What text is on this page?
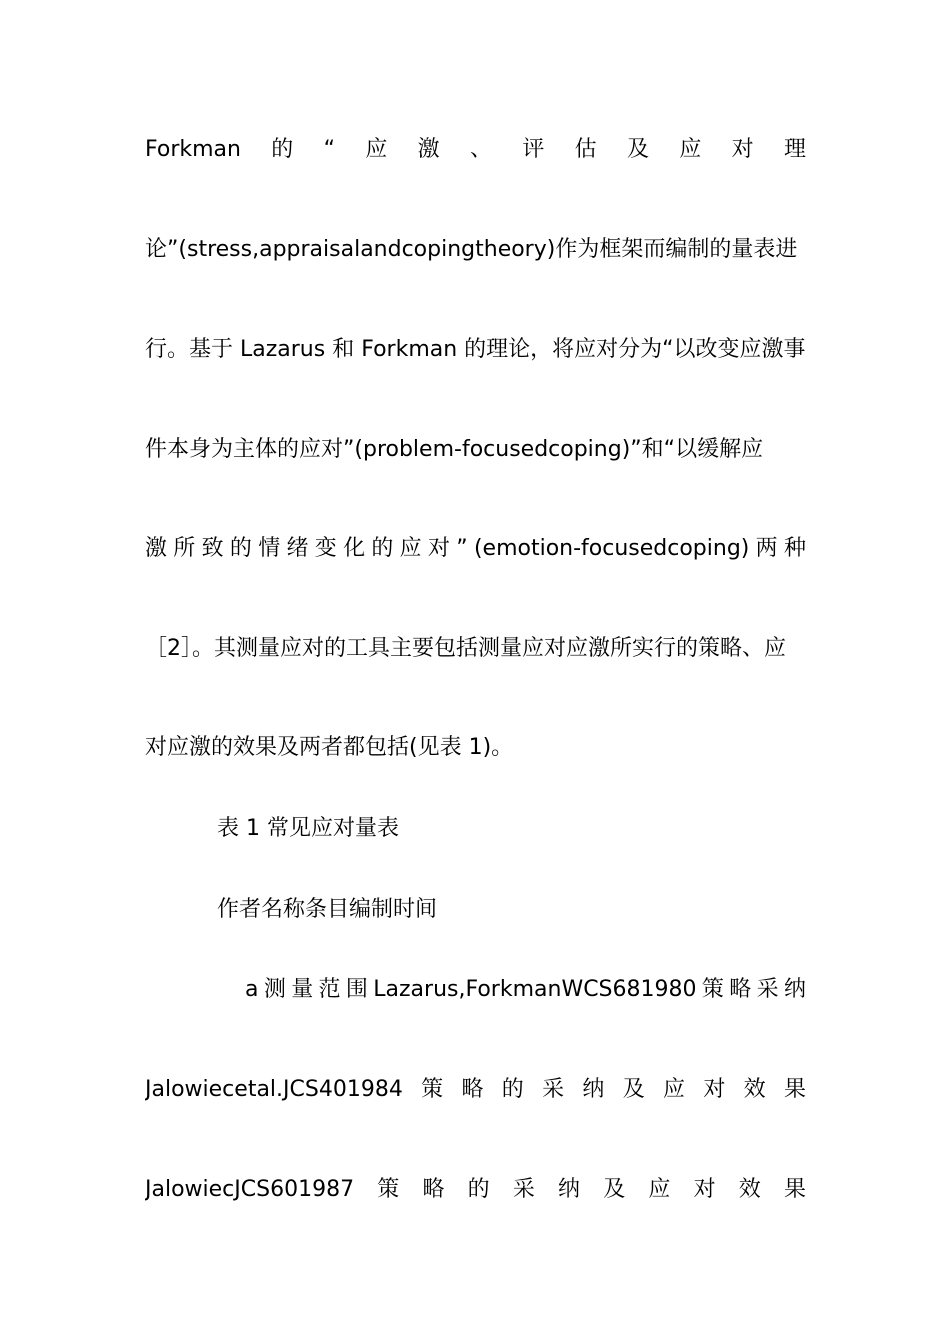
Forkman 的 “ 应 激 、 评 估 及 应 对 理
论”(stress,appraisalandcopingtheory)作为框架而编制的量表进
行。基于 Lazarus 和 Forkman 的理论，将应对分为“以改变应激事
件本身为主体的应对”(problem-focusedcoping)”和“以缓解应
激 所 致 的 情 绪 变 化 的 应 对 ” (emotion-focusedcoping) 两 种
［2］。其测量应对的工具主要包括测量应对应激所实行的策略、应
对应激的效果及两者都包括(见表 1)。
表 1 常见应对量表
作者名称条目编制时间
a 测 量 范 围 Lazarus,ForkmanWCS681980 策 略 采 纳
Jalowiecetal.JCS401984 策 略 的 采 纳 及 应 对 效 果
JalowiecJCS601987 策 略 的 采 纳 及 应 对 效 果
